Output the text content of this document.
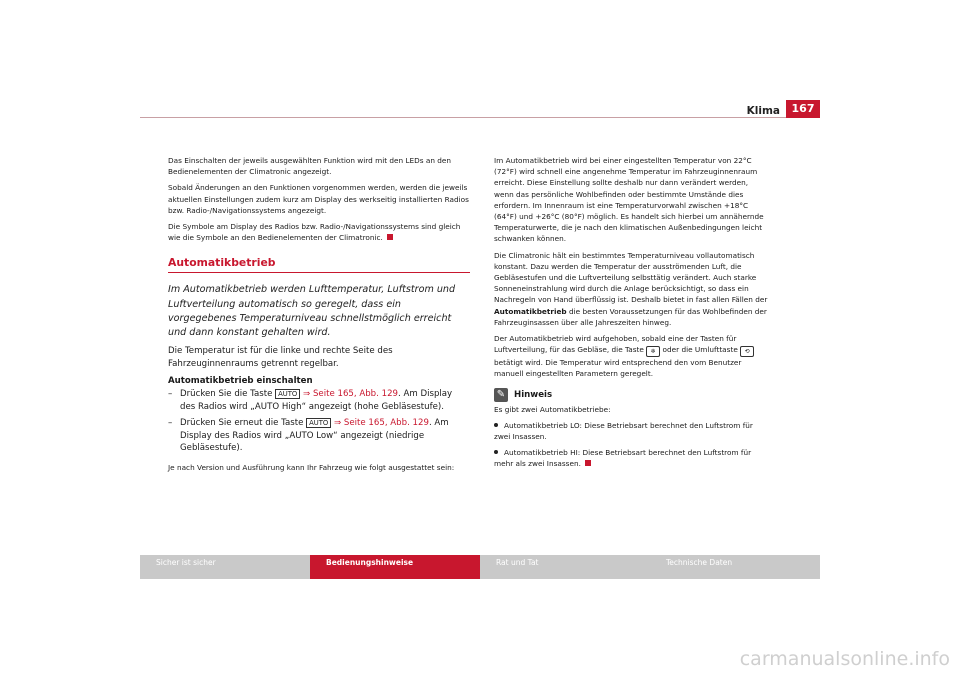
Klima	167

Das Einschalten der jeweils ausgewählten Funktion wird mit den LEDs an den Bedienelementen der Climatronic angezeigt.

Sobald Änderungen an den Funktionen vorgenommen werden, werden die jeweils aktuellen Einstellungen zudem kurz am Display des werkseitig installierten Radios bzw. Radio-/Navigationssystems angezeigt.

Die Symbole am Display des Radios bzw. Radio-/Navigationssystems sind gleich wie die Symbole an den Bedienelementen der Climatronic.

Automatikbetrieb

Im Automatikbetrieb werden Lufttemperatur, Luftstrom und Luftverteilung automatisch so geregelt, dass ein vorgegebenes Temperaturniveau schnellstmöglich erreicht und dann konstant gehalten wird.

Die Temperatur ist für die linke und rechte Seite des Fahrzeuginnenraums getrennt regelbar.

Automatikbetrieb einschalten
– Drücken Sie die Taste AUTO ⇒ Seite 165, Abb. 129. Am Display des Radios wird „AUTO High“ angezeigt (hohe Gebläsestufe).
– Drücken Sie erneut die Taste AUTO ⇒ Seite 165, Abb. 129. Am Display des Radios wird „AUTO Low“ angezeigt (niedrige Gebläsestufe).

Je nach Version und Ausführung kann Ihr Fahrzeug wie folgt ausgestattet sein:

Im Automatikbetrieb wird bei einer eingestellten Temperatur von 22°C (72°F) wird schnell eine angenehme Temperatur im Fahrzeuginnenraum erreicht. Diese Einstellung sollte deshalb nur dann verändert werden, wenn das persönliche Wohlbefinden oder bestimmte Umstände dies erfordern. Im Innenraum ist eine Temperaturvorwahl zwischen +18°C (64°F) und +26°C (80°F) möglich. Es handelt sich hierbei um annähernde Temperaturwerte, die je nach den klimatischen Außenbedingungen leicht schwanken können.

Die Climatronic hält ein bestimmtes Temperaturniveau vollautomatisch konstant. Dazu werden die Temperatur der ausströmenden Luft, die Gebläsestufen und die Luftverteilung selbsttätig verändert. Auch starke Sonneneinstrahlung wird durch die Anlage berücksichtigt, so dass ein Nachregeln von Hand überflüssig ist. Deshalb bietet in fast allen Fällen der Automatikbetrieb die besten Voraussetzungen für das Wohlbefinden der Fahrzeuginsassen über alle Jahreszeiten hinweg.

Der Automatikbetrieb wird aufgehoben, sobald eine der Tasten für Luftverteilung, für das Gebläse, die Taste ❄ oder die Umlufttaste ⟲ betätigt wird. Die Temperatur wird entsprechend den vom Benutzer manuell eingestellten Parametern geregelt.

✎	Hinweis

Es gibt zwei Automatikbetriebe:

Automatikbetrieb LO: Diese Betriebsart berechnet den Luftstrom für zwei Insassen.

Automatikbetrieb HI: Diese Betriebsart berechnet den Luftstrom für mehr als zwei Insassen.

Sicher ist sicher	Bedienungshinweise	Rat und Tat	Technische Daten
carmanualsonline.info
